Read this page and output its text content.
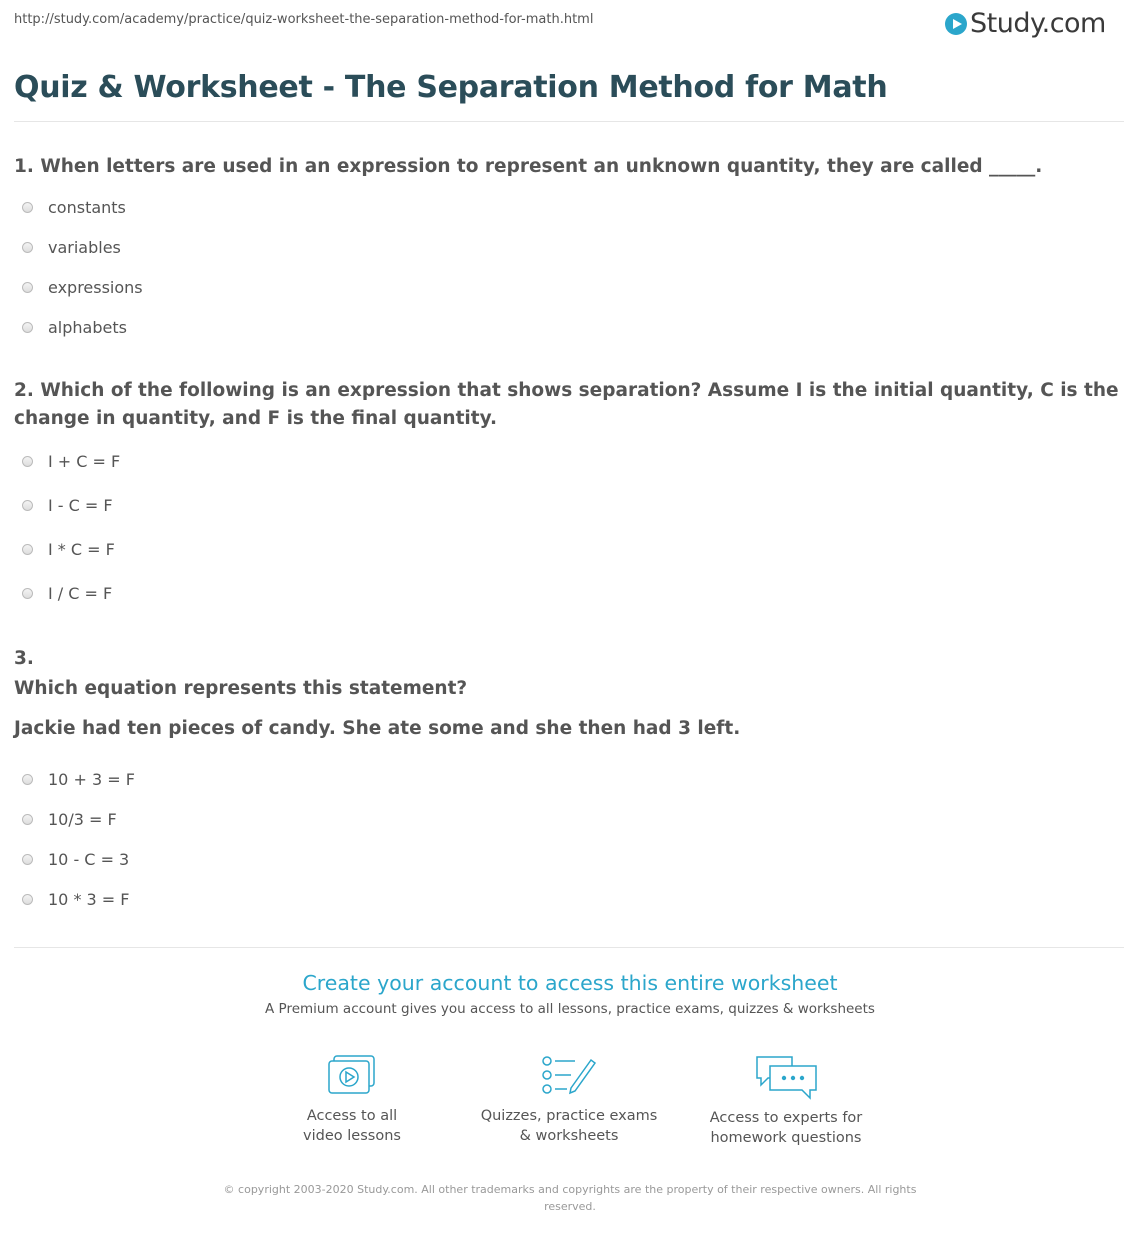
http://study.com/academy/practice/quiz-worksheet-the-separation-method-for-math.html	Study.com
Quiz & Worksheet - The Separation Method for Math
1. When letters are used in an expression to represent an unknown quantity, they are called _____.
constants
variables
expressions
alphabets
2. Which of the following is an expression that shows separation? Assume I is the initial quantity, C is the change in quantity, and F is the final quantity.
I + C = F
I - C = F
I * C = F
I / C = F
3.
Which equation represents this statement?
Jackie had ten pieces of candy. She ate some and she then had 3 left.
10 + 3 = F
10/3 = F
10 - C = 3
10 * 3 = F
Create your account to access this entire worksheet
A Premium account gives you access to all lessons, practice exams, quizzes & worksheets
Access to all
video lessons
Quizzes, practice exams
& worksheets
Access to experts for
homework questions
© copyright 2003-2020 Study.com. All other trademarks and copyrights are the property of their respective owners. All rights reserved.
